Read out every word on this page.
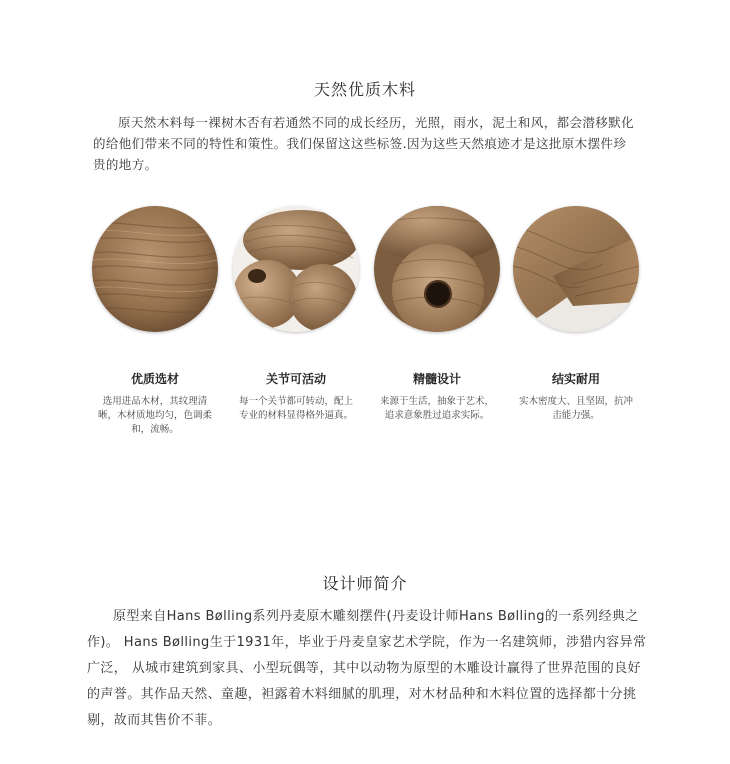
天然优质木料

原天然木料每一裸树木否有若通然不同的成长经历，光照，雨水，泥土和风，都会潜移默化的给他们带来不同的特性和策性。我们保留这这些标签.因为这些天然痕迹才是这批原木摆件珍贵的地方。

优质选材
选用进品木材，其纹理清晰，木材质地均匀，色调柔和，流畅。
关节可活动
每一个关节都可转动，配上专业的材料显得格外逼真。
精髓设计
来源于生活，抽象于艺术，追求意象胜过追求实际。
结实耐用
实木密度大、且坚固，抗冲击能力强。
设计师简介

原型来自Hans Bølling系列丹麦原木雕刻摆件(丹麦设计师Hans Bølling的一系列经典之作)。 Hans Bølling生于1931年，毕业于丹麦皇家艺术学院，作为一名建筑师，涉猎内容异常广泛， 从城市建筑到家具、小型玩偶等，其中以动物为原型的木雕设计赢得了世界范围的良好的声誉。其作品天然、童趣，袒露着木料细腻的肌理，对木材品种和木料位置的选择都十分挑剔，故而其售价不菲。
